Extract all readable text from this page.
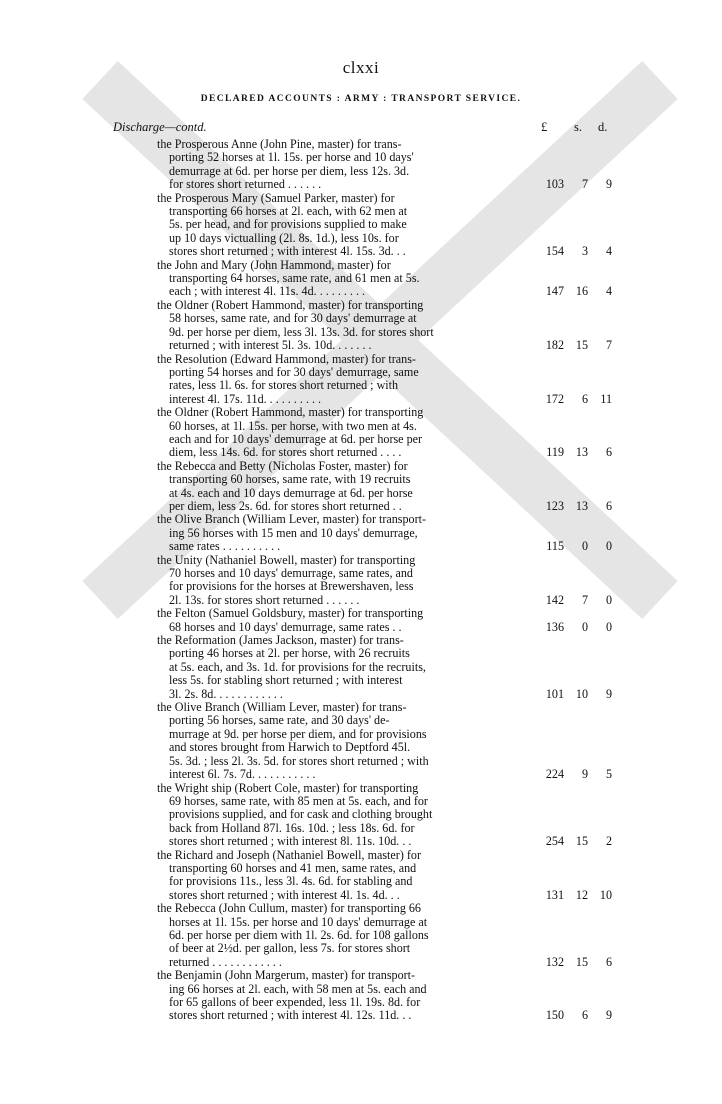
clxxi
DECLARED ACCOUNTS : ARMY : TRANSPORT SERVICE.
Discharge—contd.	£ s. d.
the Prosperous Anne (John Pine, master) for trans-
porting 52 horses at 1l. 15s. per horse and 10 days'
demurrage at 6d. per horse per diem, less 12s. 3d.
for stores short returned . . . . . .	103	7	9
the Prosperous Mary (Samuel Parker, master) for
transporting 66 horses at 2l. each, with 62 men at
5s. per head, and for provisions supplied to make
up 10 days victualling (2l. 8s. 1d.), less 10s. for
stores short returned ; with interest 4l. 15s. 3d. . .	154	3	4
the John and Mary (John Hammond, master) for
transporting 64 horses, same rate, and 61 men at 5s.
each ; with interest 4l. 11s. 4d. . . . . . . . .	147 16	4
the Oldner (Robert Hammond, master) for transporting
58 horses, same rate, and for 30 days' demurrage at
9d. per horse per diem, less 3l. 13s. 3d. for stores short
returned ; with interest 5l. 3s. 10d. . . . . . .	182 15	7
the Resolution (Edward Hammond, master) for trans-
porting 54 horses and for 30 days' demurrage, same
rates, less 1l. 6s. for stores short returned ; with
interest 4l. 17s. 11d. . . . . . . . . .	172	6	11
the Oldner (Robert Hammond, master) for transporting
60 horses, at 1l. 15s. per horse, with two men at 4s.
each and for 10 days' demurrage at 6d. per horse per
diem, less 14s. 6d. for stores short returned . . . .	119 13	6
the Rebecca and Betty (Nicholas Foster, master) for
transporting 60 horses, same rate, with 19 recruits
at 4s. each and 10 days demurrage at 6d. per horse
per diem, less 2s. 6d. for stores short returned . .	123 13	6
the Olive Branch (William Lever, master) for transport-
ing 56 horses with 15 men and 10 days' demurrage,
same rates . . . . . . . . . .	115	0	0
the Unity (Nathaniel Bowell, master) for transporting
70 horses and 10 days' demurrage, same rates, and
for provisions for the horses at Brewershaven, less
2l. 13s. for stores short returned . . . . . .	142	7	0
the Felton (Samuel Goldsbury, master) for transporting
68 horses and 10 days' demurrage, same rates . .	136	0	0
the Reformation (James Jackson, master) for trans-
porting 46 horses at 2l. per horse, with 26 recruits
at 5s. each, and 3s. 1d. for provisions for the recruits,
less 5s. for stabling short returned ; with interest
3l. 2s. 8d. . . . . . . . . . . .	101 10	9
the Olive Branch (William Lever, master) for trans-
porting 56 horses, same rate, and 30 days' de-
murrage at 9d. per horse per diem, and for provisions
and stores brought from Harwich to Deptford 45l.
5s. 3d. ; less 2l. 3s. 5d. for stores short returned ; with
interest 6l. 7s. 7d. . . . . . . . . . .	224	9	5
the Wright ship (Robert Cole, master) for transporting
69 horses, same rate, with 85 men at 5s. each, and for
provisions supplied, and for cask and clothing brought
back from Holland 87l. 16s. 10d. ; less 18s. 6d. for
stores short returned ; with interest 8l. 11s. 10d. . .	254 15	2
the Richard and Joseph (Nathaniel Bowell, master) for
transporting 60 horses and 41 men, same rates, and
for provisions 11s., less 3l. 4s. 6d. for stabling and
stores short returned ; with interest 4l. 1s. 4d. . .	131 12 10
the Rebecca (John Cullum, master) for transporting 66
horses at 1l. 15s. per horse and 10 days' demurrage at
6d. per horse per diem with 1l. 2s. 6d. for 108 gallons
of beer at 2½d. per gallon, less 7s. for stores short
returned . . . . . . . . . . . .	132 15	6
the Benjamin (John Margerum, master) for transport-
ing 66 horses at 2l. each, with 58 men at 5s. each and
for 65 gallons of beer expended, less 1l. 19s. 8d. for
stores short returned ; with interest 4l. 12s. 11d. . .	150	6	9
